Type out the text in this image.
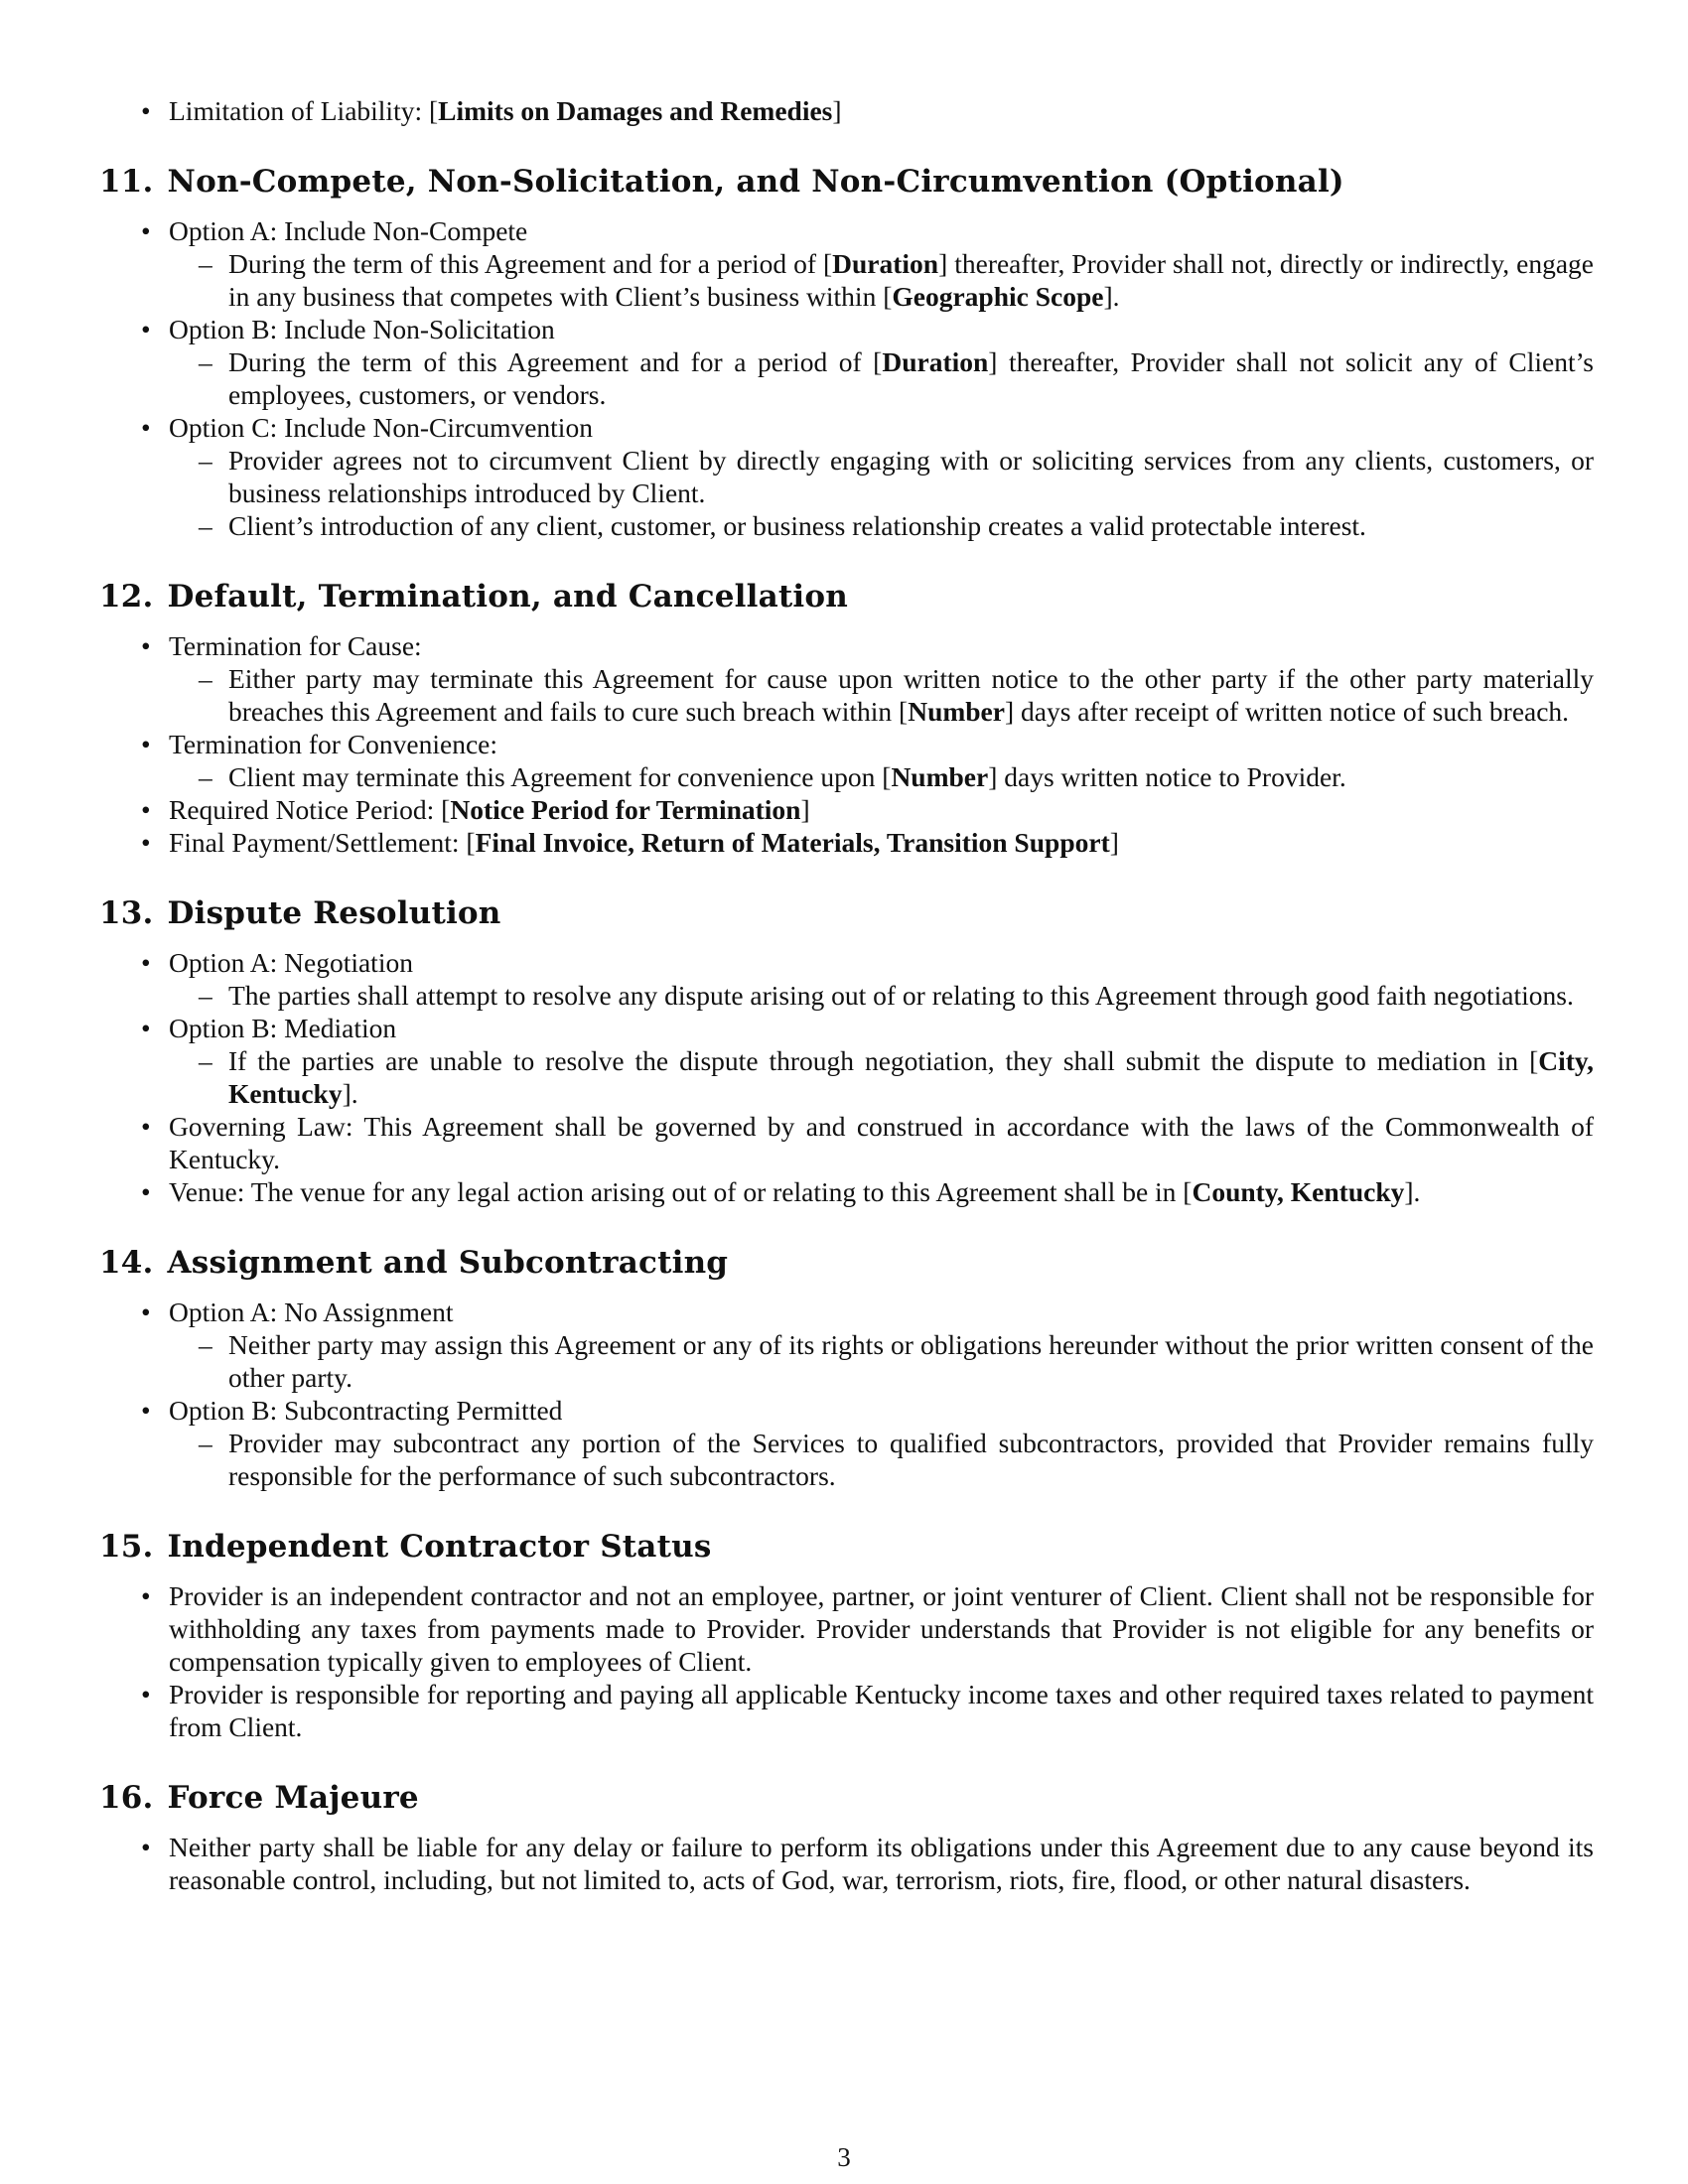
• Limitation of Liability: [Limits on Damages and Remedies]
11. Non-Compete, Non-Solicitation, and Non-Circumvention (Optional)
• Option A: Include Non-Compete
– During the term of this Agreement and for a period of [Duration] thereafter, Provider shall not, directly or indirectly, engage in any business that competes with Client’s business within [Geographic Scope].
• Option B: Include Non-Solicitation
– During the term of this Agreement and for a period of [Duration] thereafter, Provider shall not solicit any of Client’s employees, customers, or vendors.
• Option C: Include Non-Circumvention
– Provider agrees not to circumvent Client by directly engaging with or soliciting services from any clients, customers, or business relationships introduced by Client.
– Client’s introduction of any client, customer, or business relationship creates a valid protectable interest.
12. Default, Termination, and Cancellation
• Termination for Cause:
– Either party may terminate this Agreement for cause upon written notice to the other party if the other party materially breaches this Agreement and fails to cure such breach within [Number] days after receipt of written notice of such breach.
• Termination for Convenience:
– Client may terminate this Agreement for convenience upon [Number] days written notice to Provider.
• Required Notice Period: [Notice Period for Termination]
• Final Payment/Settlement: [Final Invoice, Return of Materials, Transition Support]
13. Dispute Resolution
• Option A: Negotiation
– The parties shall attempt to resolve any dispute arising out of or relating to this Agreement through good faith negotiations.
• Option B: Mediation
– If the parties are unable to resolve the dispute through negotiation, they shall submit the dispute to mediation in [City, Kentucky].
• Governing Law: This Agreement shall be governed by and construed in accordance with the laws of the Commonwealth of Kentucky.
• Venue: The venue for any legal action arising out of or relating to this Agreement shall be in [County, Kentucky].
14. Assignment and Subcontracting
• Option A: No Assignment
– Neither party may assign this Agreement or any of its rights or obligations hereunder without the prior written consent of the other party.
• Option B: Subcontracting Permitted
– Provider may subcontract any portion of the Services to qualified subcontractors, provided that Provider remains fully responsible for the performance of such subcontractors.
15. Independent Contractor Status
• Provider is an independent contractor and not an employee, partner, or joint venturer of Client. Client shall not be responsible for withholding any taxes from payments made to Provider. Provider understands that Provider is not eligible for any benefits or compensation typically given to employees of Client.
• Provider is responsible for reporting and paying all applicable Kentucky income taxes and other required taxes related to payment from Client.
16. Force Majeure
• Neither party shall be liable for any delay or failure to perform its obligations under this Agreement due to any cause beyond its reasonable control, including, but not limited to, acts of God, war, terrorism, riots, fire, flood, or other natural disasters.
3
